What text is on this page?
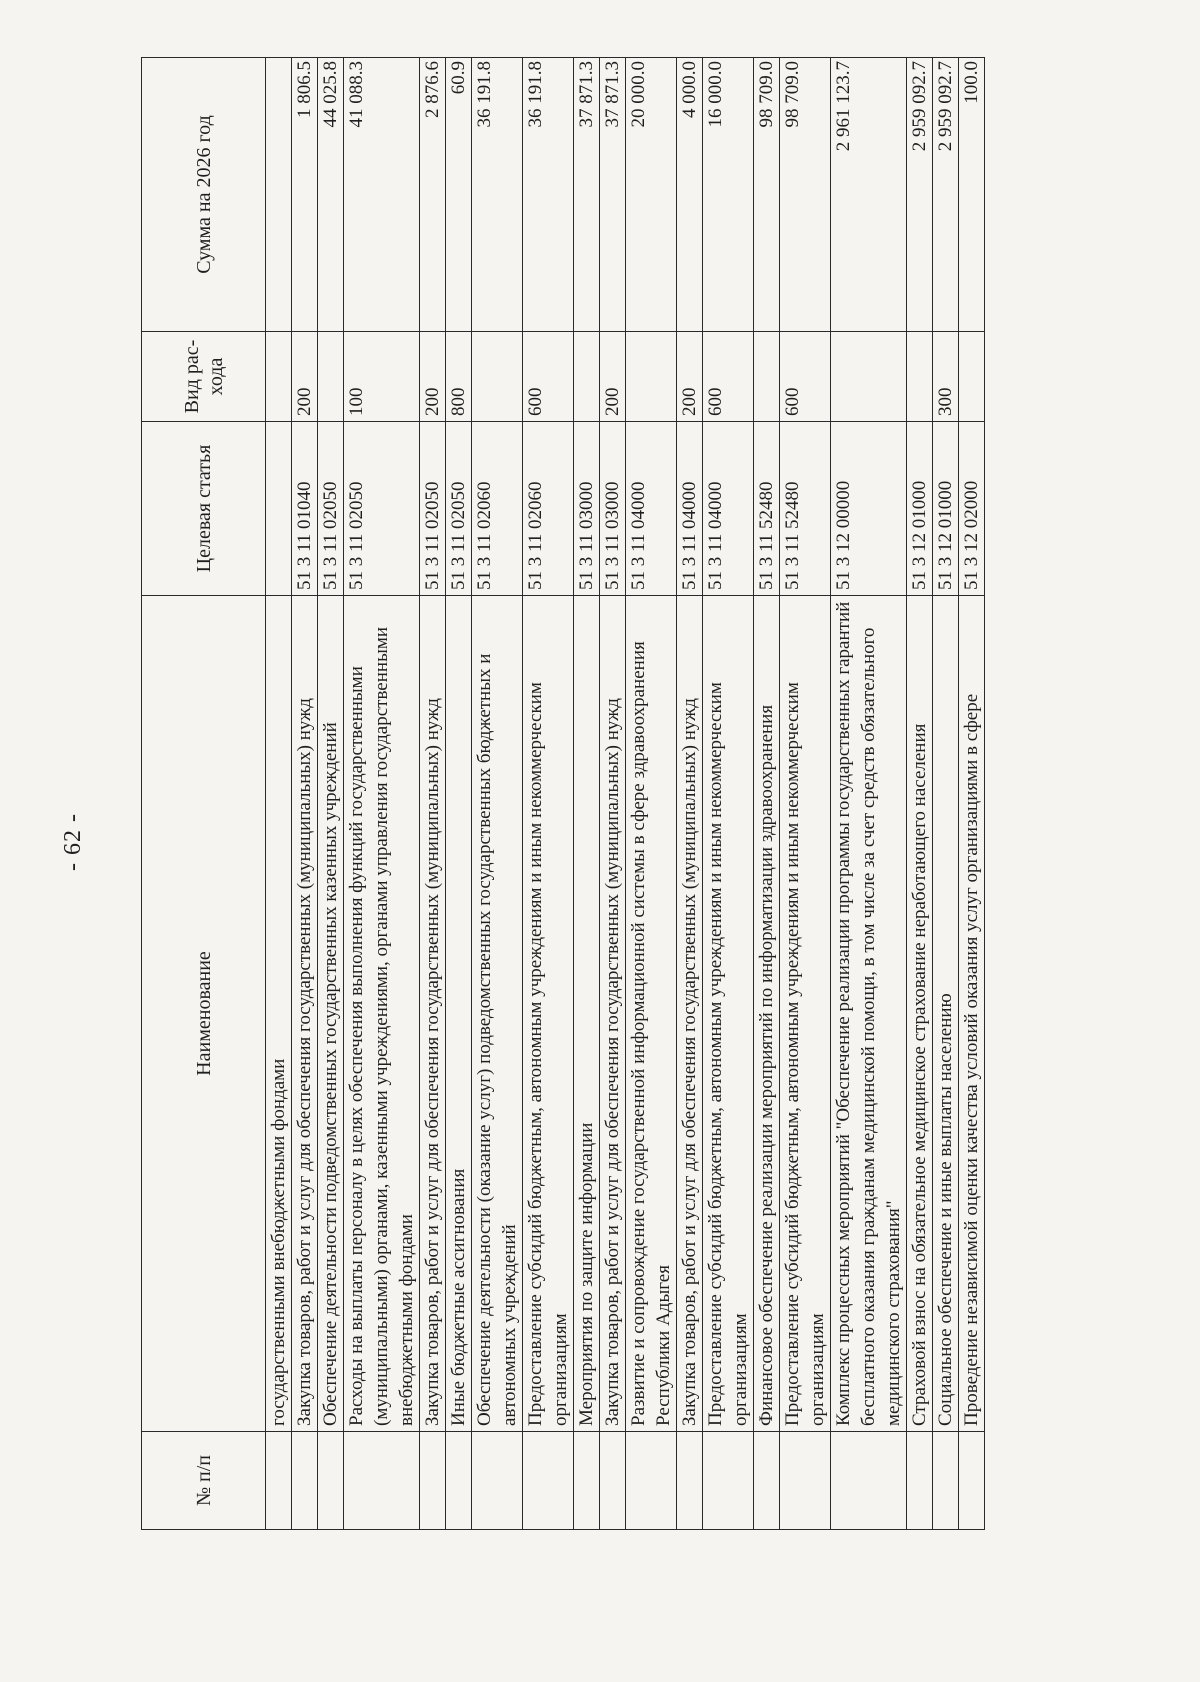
- 62 -
№ п/п	Наименование	Целевая статья	Вид рас-хода	Сумма на 2026 год
	государственными внебюджетными фондами			
	Закупка товаров, работ и услуг для обеспечения государственных (муниципальных) нужд	51 3 11 01040	200	1 806.5
	Обеспечение деятельности подведомственных государственных казенных учреждений	51 3 11 02050		44 025.8
	Расходы на выплаты персоналу в целях обеспечения выполнения функций государственными (муниципальными) органами, казенными учреждениями, органами управления государственными внебюджетными фондами	51 3 11 02050	100	41 088.3
	Закупка товаров, работ и услуг для обеспечения государственных (муниципальных) нужд	51 3 11 02050	200	2 876.6
	Иные бюджетные ассигнования	51 3 11 02050	800	60.9
	Обеспечение деятельности (оказание услуг) подведомственных государственных бюджетных и автономных учреждений	51 3 11 02060		36 191.8
	Предоставление субсидий бюджетным, автономным учреждениям и иным некоммерческим организациям	51 3 11 02060	600	36 191.8
	Мероприятия по защите информации	51 3 11 03000		37 871.3
	Закупка товаров, работ и услуг для обеспечения государственных (муниципальных) нужд	51 3 11 03000	200	37 871.3
	Развитие и сопровождение государственной информационной системы в сфере здравоохранения Республики Адыгея	51 3 11 04000		20 000.0
	Закупка товаров, работ и услуг для обеспечения государственных (муниципальных) нужд	51 3 11 04000	200	4 000.0
	Предоставление субсидий бюджетным, автономным учреждениям и иным некоммерческим организациям	51 3 11 04000	600	16 000.0
	Финансовое обеспечение реализации мероприятий по информатизации здравоохранения	51 3 11 52480		98 709.0
	Предоставление субсидий бюджетным, автономным учреждениям и иным некоммерческим организациям	51 3 11 52480	600	98 709.0
	Комплекс процессных мероприятий "Обеспечение реализации программы государственных гарантий бесплатного оказания гражданам медицинской помощи, в том числе за счет средств обязательного медицинского страхования"	51 3 12 00000		2 961 123.7
	Страховой взнос на обязательное медицинское страхование неработающего населения	51 3 12 01000		2 959 092.7
	Социальное обеспечение и иные выплаты населению	51 3 12 01000	300	2 959 092.7
	Проведение независимой оценки качества условий оказания услуг организациями в сфере	51 3 12 02000		100.0
